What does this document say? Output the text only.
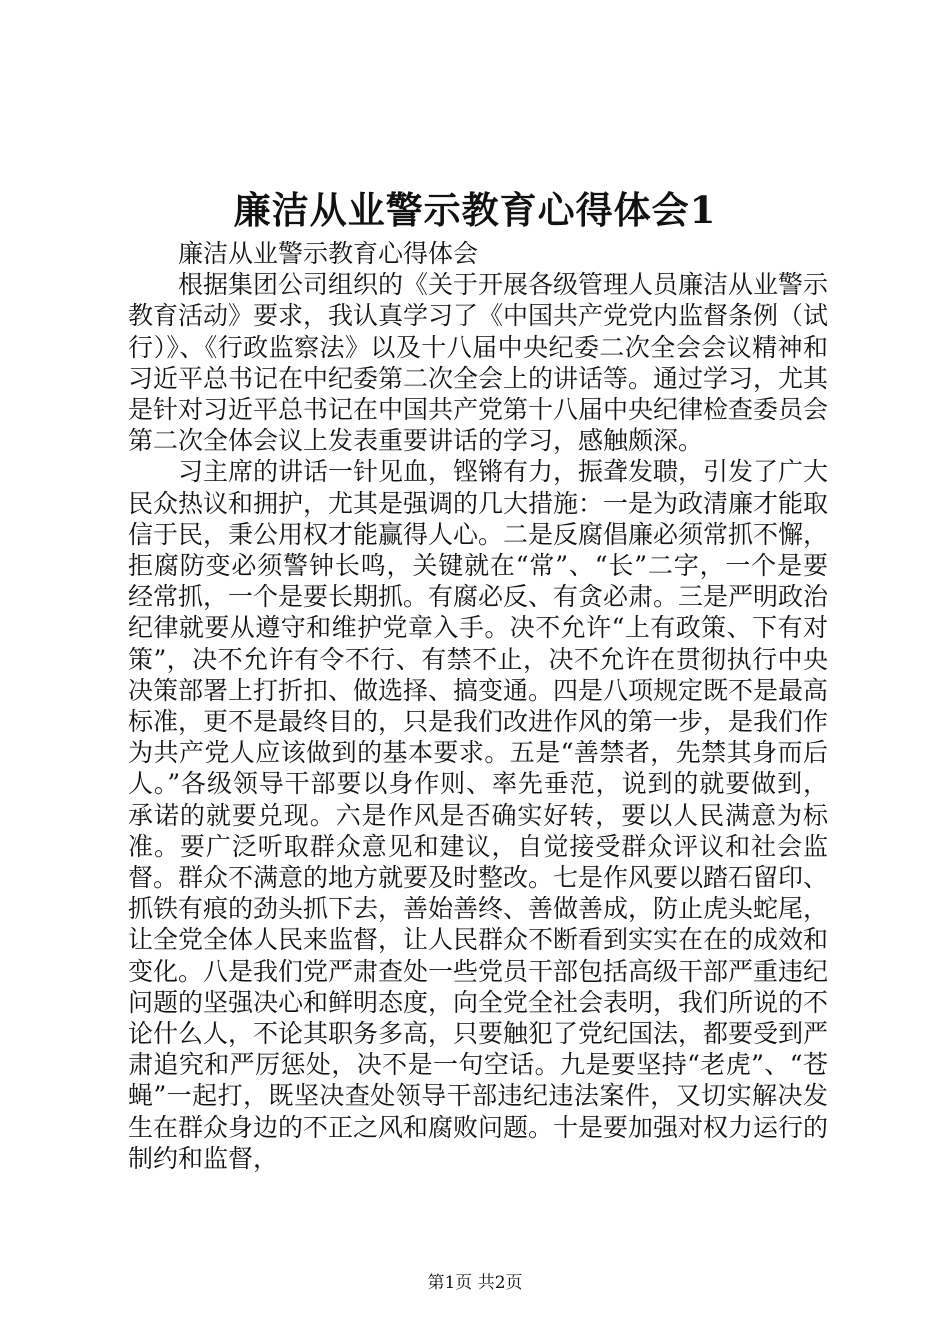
廉洁从业警示教育心得体会1

廉洁从业警示教育心得体会

根据集团公司组织的《关于开展各级管理人员廉洁从业警示教育活动》要求，我认真学习了《中国共产党党内监督条例（试行）》、《行政监察法》以及十八届中央纪委二次全会会议精神和习近平总书记在中纪委第二次全会上的讲话等。通过学习，尤其是针对习近平总书记在中国共产党第十八届中央纪律检查委员会第二次全体会议上发表重要讲话的学习，感触颇深。

习主席的讲话一针见血，铿锵有力，振聋发聩，引发了广大民众热议和拥护，尤其是强调的几大措施：一是为政清廉才能取信于民，秉公用权才能赢得人心。二是反腐倡廉必须常抓不懈，拒腐防变必须警钟长鸣，关键就在“常”、“长”二字，一个是要经常抓，一个是要长期抓。有腐必反、有贪必肃。三是严明政治纪律就要从遵守和维护党章入手。决不允许“上有政策、下有对策”，决不允许有令不行、有禁不止，决不允许在贯彻执行中央决策部署上打折扣、做选择、搞变通。四是八项规定既不是最高标准，更不是最终目的，只是我们改进作风的第一步，是我们作为共产党人应该做到的基本要求。五是“善禁者，先禁其身而后人。”各级领导干部要以身作则、率先垂范，说到的就要做到，承诺的就要兑现。六是作风是否确实好转，要以人民满意为标准。要广泛听取群众意见和建议，自觉接受群众评议和社会监督。群众不满意的地方就要及时整改。七是作风要以踏石留印、抓铁有痕的劲头抓下去，善始善终、善做善成，防止虎头蛇尾，让全党全体人民来监督，让人民群众不断看到实实在在的成效和变化。八是我们党严肃查处一些党员干部包括高级干部严重违纪问题的坚强决心和鲜明态度，向全党全社会表明，我们所说的不论什么人，不论其职务多高，只要触犯了党纪国法，都要受到严肃追究和严厉惩处，决不是一句空话。九是要坚持“老虎”、“苍蝇”一起打，既坚决查处领导干部违纪违法案件，又切实解决发生在群众身边的不正之风和腐败问题。十是要加强对权力运行的制约和监督，

第1页 共2页
